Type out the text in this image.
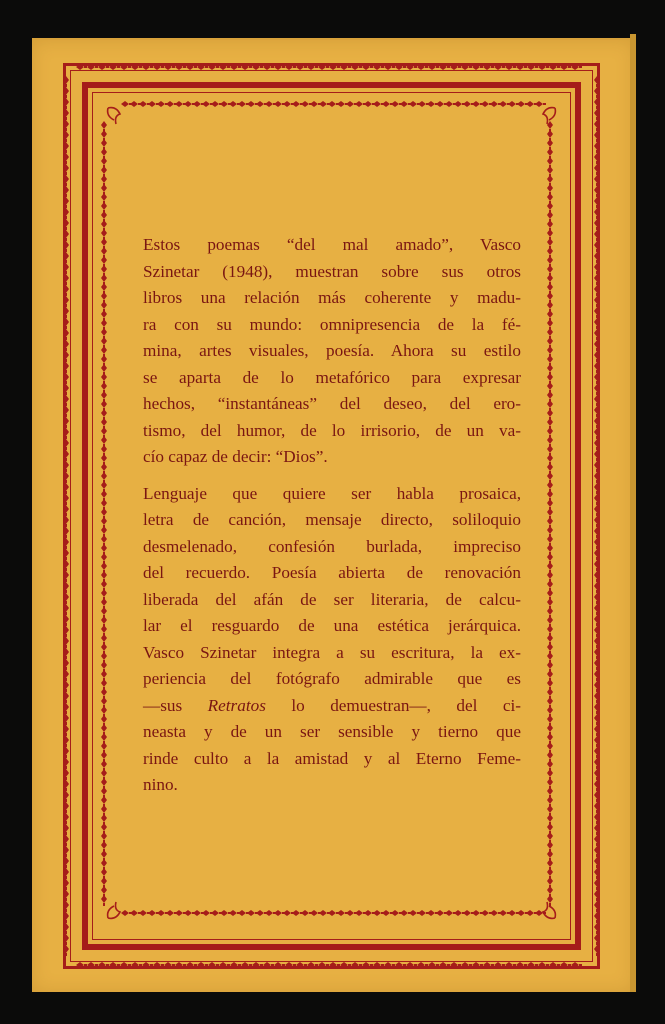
Estos poemas “del mal amado”, Vasco
Szinetar (1948), muestran sobre sus otros
libros una relación más coherente y madu-
ra con su mundo: omnipresencia de la fé-
mina, artes visuales, poesía. Ahora su estilo
se aparta de lo metafórico para expresar
hechos, “instantáneas” del deseo, del ero-
tismo, del humor, de lo irrisorio, de un va-
cío capaz de decir: “Dios”.

Lenguaje que quiere ser habla prosaica,
letra de canción, mensaje directo, soliloquio
desmelenado, confesión burlada, impreciso
del recuerdo. Poesía abierta de renovación
liberada del afán de ser literaria, de calcu-
lar el resguardo de una estética jerárquica.
Vasco Szinetar integra a su escritura, la ex-
periencia del fotógrafo admirable que es
—sus Retratos lo demuestran—, del ci-
neasta y de un ser sensible y tierno que
rinde culto a la amistad y al Eterno Feme-
nino.
